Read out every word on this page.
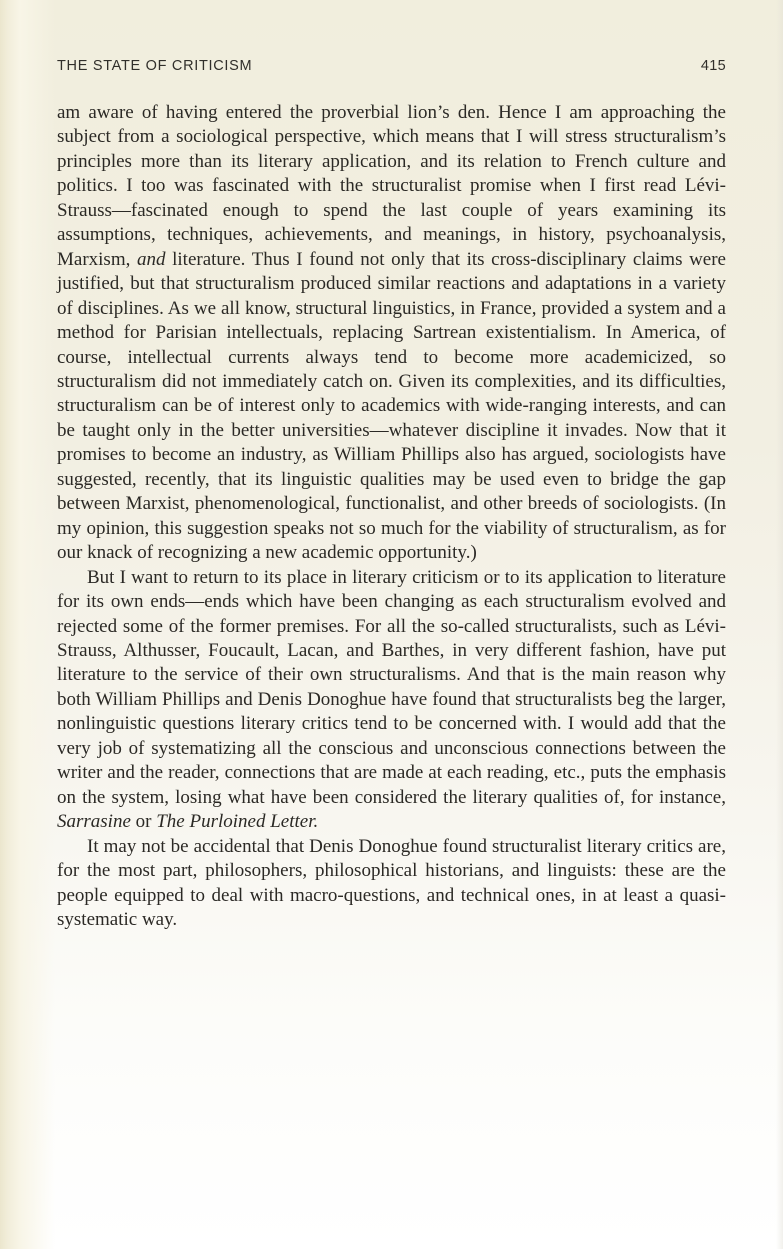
THE STATE OF CRITICISM	415

am aware of having entered the proverbial lion’s den. Hence I am approaching the subject from a sociological perspective, which means that I will stress structuralism’s principles more than its literary application, and its relation to French culture and politics. I too was fascinated with the structuralist promise when I first read Lévi-Strauss—fascinated enough to spend the last couple of years examining its assumptions, techniques, achievements, and meanings, in history, psychoanalysis, Marxism, and literature. Thus I found not only that its cross-disciplinary claims were justified, but that structuralism produced similar reactions and adaptations in a variety of disciplines. As we all know, structural linguistics, in France, provided a system and a method for Parisian intellectuals, replacing Sartrean existentialism. In America, of course, intellectual currents always tend to become more academicized, so structuralism did not immediately catch on. Given its complexities, and its difficulties, structuralism can be of interest only to academics with wide-ranging interests, and can be taught only in the better universities—whatever discipline it invades. Now that it promises to become an industry, as William Phillips also has argued, sociologists have suggested, recently, that its linguistic qualities may be used even to bridge the gap between Marxist, phenomenological, functionalist, and other breeds of sociologists. (In my opinion, this suggestion speaks not so much for the viability of structuralism, as for our knack of recognizing a new academic opportunity.)

But I want to return to its place in literary criticism or to its application to literature for its own ends—ends which have been changing as each structuralism evolved and rejected some of the former premises. For all the so-called structuralists, such as Lévi-Strauss, Althusser, Foucault, Lacan, and Barthes, in very different fashion, have put literature to the service of their own structuralisms. And that is the main reason why both William Phillips and Denis Donoghue have found that structuralists beg the larger, nonlinguistic questions literary critics tend to be concerned with. I would add that the very job of systematizing all the conscious and unconscious connections between the writer and the reader, connections that are made at each reading, etc., puts the emphasis on the system, losing what have been considered the literary qualities of, for instance, Sarrasine or The Purloined Letter.

It may not be accidental that Denis Donoghue found structuralist literary critics are, for the most part, philosophers, philosophical historians, and linguists: these are the people equipped to deal with macro-questions, and technical ones, in at least a quasi-systematic way.
